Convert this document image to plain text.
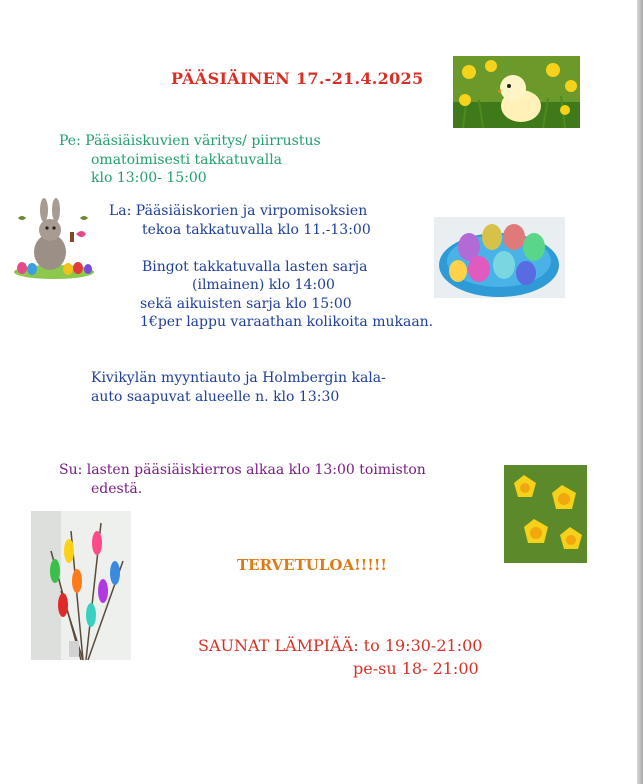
PÄÄSIÄINEN 17.-21.4.2025
Pe: Pääsiäiskuvien väritys/ piirrustus
omatoimisesti takkatuvalla
klo 13:00- 15:00
La: Pääsiäiskorien ja virpomisoksien
tekoa takkatuvalla klo 11.-13:00
Bingot takkatuvalla lasten sarja
(ilmainen) klo 14:00
sekä aikuisten sarja klo 15:00
1€per lappu varaathan kolikoita mukaan.
Kivikylän myyntiauto ja Holmbergin kala-
auto saapuvat alueelle n. klo 13:30
Su: lasten pääsiäiskierros alkaa klo 13:00 toimiston
edestä.
TERVETULOA!!!!!
SAUNAT LÄMPIÄÄ: to 19:30-21:00
pe-su 18- 21:00
